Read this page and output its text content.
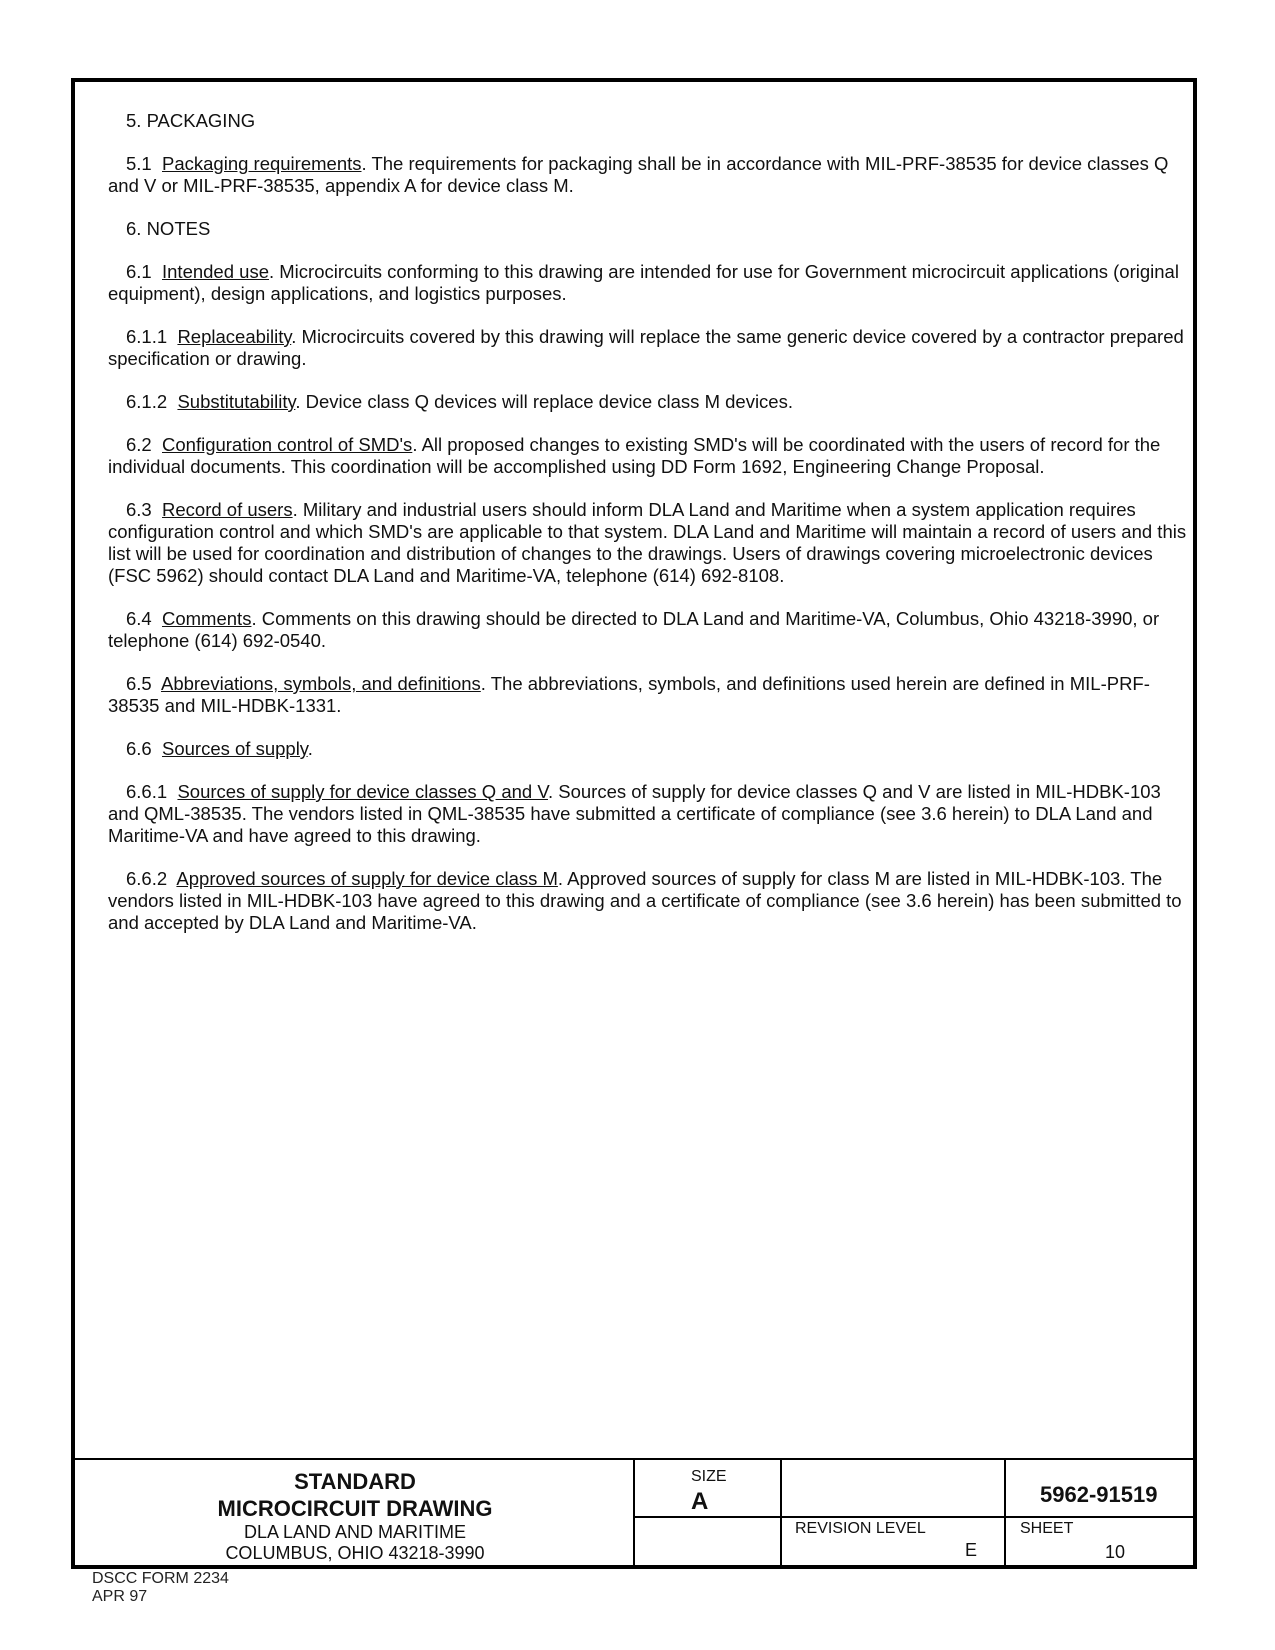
5. PACKAGING

5.1 Packaging requirements. The requirements for packaging shall be in accordance with MIL-PRF-38535 for device classes Q and V or MIL-PRF-38535, appendix A for device class M.

6. NOTES

6.1 Intended use. Microcircuits conforming to this drawing are intended for use for Government microcircuit applications (original equipment), design applications, and logistics purposes.

6.1.1 Replaceability. Microcircuits covered by this drawing will replace the same generic device covered by a contractor prepared specification or drawing.

6.1.2 Substitutability. Device class Q devices will replace device class M devices.

6.2 Configuration control of SMD's. All proposed changes to existing SMD's will be coordinated with the users of record for the individual documents. This coordination will be accomplished using DD Form 1692, Engineering Change Proposal.

6.3 Record of users. Military and industrial users should inform DLA Land and Maritime when a system application requires configuration control and which SMD's are applicable to that system. DLA Land and Maritime will maintain a record of users and this list will be used for coordination and distribution of changes to the drawings. Users of drawings covering microelectronic devices (FSC 5962) should contact DLA Land and Maritime-VA, telephone (614) 692-8108.

6.4 Comments. Comments on this drawing should be directed to DLA Land and Maritime-VA, Columbus, Ohio 43218-3990, or telephone (614) 692-0540.

6.5 Abbreviations, symbols, and definitions. The abbreviations, symbols, and definitions used herein are defined in MIL-PRF-38535 and MIL-HDBK-1331.

6.6 Sources of supply.

6.6.1 Sources of supply for device classes Q and V. Sources of supply for device classes Q and V are listed in MIL-HDBK-103 and QML-38535. The vendors listed in QML-38535 have submitted a certificate of compliance (see 3.6 herein) to DLA Land and Maritime-VA and have agreed to this drawing.

6.6.2 Approved sources of supply for device class M. Approved sources of supply for class M are listed in MIL-HDBK-103. The vendors listed in MIL-HDBK-103 have agreed to this drawing and a certificate of compliance (see 3.6 herein) has been submitted to and accepted by DLA Land and Maritime-VA.

STANDARD
MICROCIRCUIT DRAWING
DLA LAND AND MARITIME
COLUMBUS, OHIO 43218-3990
SIZE
A	5962-91519
REVISION LEVEL
E
SHEET
10
DSCC FORM 2234
APR 97
